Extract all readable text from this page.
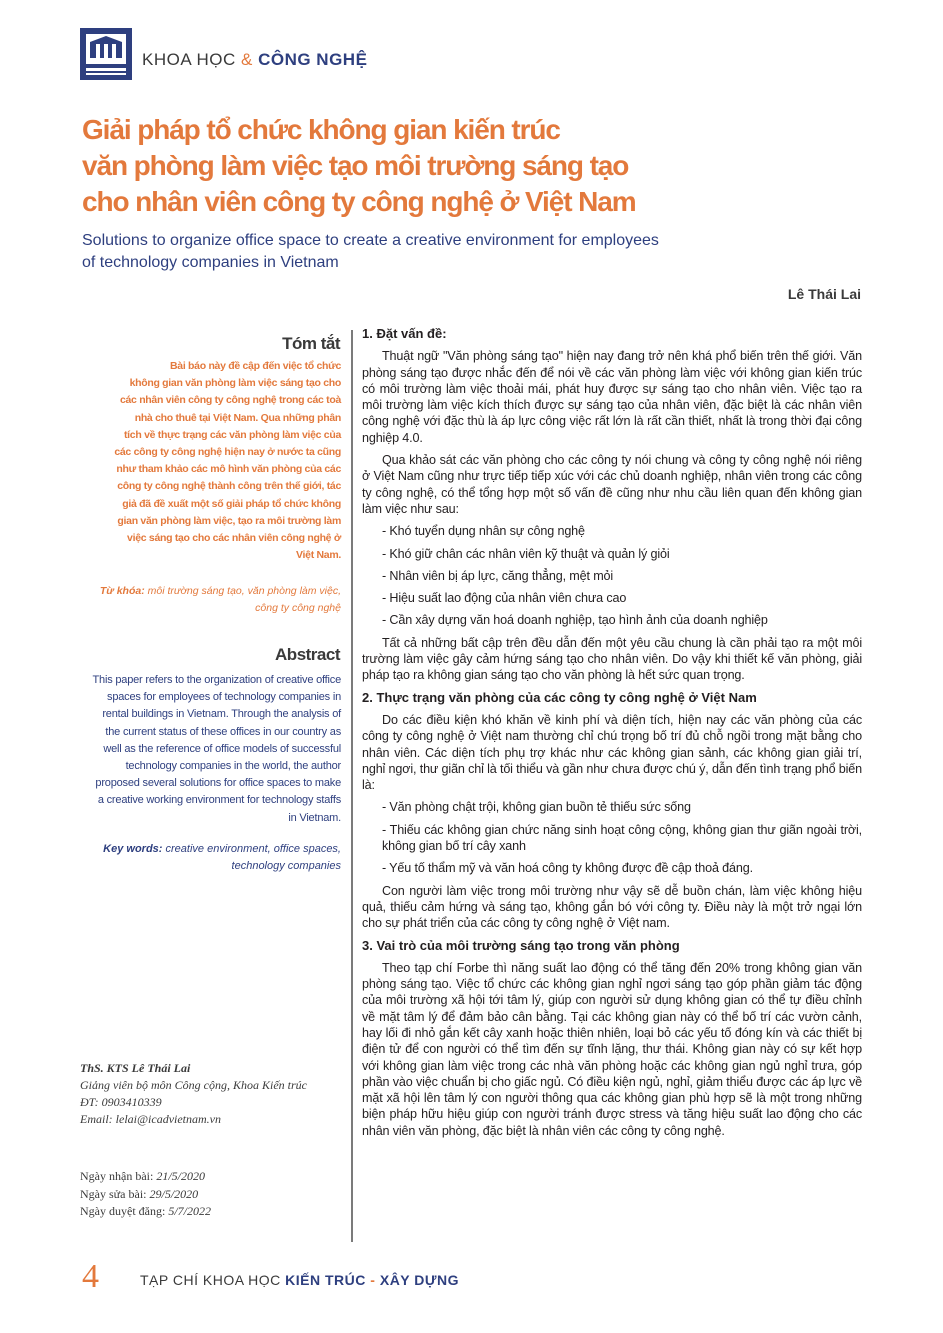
KHOA HỌC & CÔNG NGHỆ
Giải pháp tổ chức không gian kiến trúc
văn phòng làm việc tạo môi trường sáng tạo
cho nhân viên công ty công nghệ ở Việt Nam
Solutions to organize office space to create a creative environment for employees
of technology companies in Vietnam
Lê Thái Lai
Tóm tắt
Bài báo này đề cập đến việc tổ chức
không gian văn phòng làm việc sáng tạo cho
các nhân viên công ty công nghệ trong các toà
nhà cho thuê tại Việt Nam. Qua những phân
tích về thực trạng các văn phòng làm việc của
các công ty công nghệ hiện nay ở nước ta cũng
như tham khảo các mô hình văn phòng của các
công ty công nghệ thành công trên thế giới, tác
giả đã đề xuất một số giải pháp tổ chức không
gian văn phòng làm việc, tạo ra môi trường làm
việc sáng tạo cho các nhân viên công nghệ ở
Việt Nam.
Từ khóa: môi trường sáng tạo, văn phòng làm việc,
công ty công nghệ
Abstract
This paper refers to the organization of creative office
spaces for employees of technology companies in
rental buildings in Vietnam. Through the analysis of
the current status of these offices in our country as
well as the reference of office models of successful
technology companies in the world, the author
proposed several solutions for office spaces to make
a creative working environment for technology staffs
in Vietnam.
Key words: creative environment, office spaces,
technology companies
ThS. KTS Lê Thái Lai
Giảng viên bộ môn Công cộng, Khoa Kiến trúc
ĐT: 0903410339
Email: lelai@icadvietnam.vn
Ngày nhận bài: 21/5/2020
Ngày sửa bài: 29/5/2020
Ngày duyệt đăng: 5/7/2022
1. Đặt vấn đề:

Thuật ngữ "Văn phòng sáng tạo" hiện nay đang trở nên khá phổ biến trên thế giới. Văn phòng sáng tạo được nhắc đến để nói về các văn phòng làm việc với không gian kiến trúc có môi trường làm việc thoải mái, phát huy được sự sáng tạo cho nhân viên. Việc tạo ra môi trường làm việc kích thích được sự sáng tạo của nhân viên, đặc biệt là các nhân viên công nghệ với đặc thù là áp lực công việc rất lớn là rất cần thiết, nhất là trong thời đại công nghiệp 4.0.

Qua khảo sát các văn phòng cho các công ty nói chung và công ty công nghệ nói riêng ở Việt Nam cũng như trực tiếp tiếp xúc với các chủ doanh nghiệp, nhân viên trong các công ty công nghệ, có thể tổng hợp một số vấn đề cũng như nhu cầu liên quan đến không gian làm việc như sau:

- Khó tuyển dụng nhân sự công nghệ

- Khó giữ chân các nhân viên kỹ thuật và quản lý giỏi

- Nhân viên bị áp lực, căng thẳng, mệt mỏi

- Hiệu suất lao động của nhân viên chưa cao

- Cần xây dựng văn hoá doanh nghiệp, tạo hình ảnh của doanh nghiệp

Tất cả những bất cập trên đều dẫn đến một yêu cầu chung là cần phải tạo ra một môi trường làm việc gây cảm hứng sáng tạo cho nhân viên. Do vậy khi thiết kế văn phòng, giải pháp tạo ra không gian sáng tạo cho văn phòng là hết sức quan trọng.

2. Thực trạng văn phòng của các công ty công nghệ ở Việt Nam

Do các điều kiện khó khăn về kinh phí và diện tích, hiện nay các văn phòng của các công ty công nghệ ở Việt nam thường chỉ chú trọng bố trí đủ chỗ ngồi trong mặt bằng cho nhân viên. Các diện tích phụ trợ khác như các không gian sảnh, các không gian giải trí, nghỉ ngơi, thư giãn chỉ là tối thiểu và gần như chưa được chú ý, dẫn đến tình trạng phổ biến là:

- Văn phòng chật trội, không gian buồn tẻ thiếu sức sống

- Thiếu các không gian chức năng sinh hoạt công cộng, không gian thư giãn ngoài trời, không gian bố trí cây xanh

- Yếu tố thẩm mỹ và văn hoá công ty không được đề cập thoả đáng.

Con người làm việc trong môi trường như vậy sẽ dễ buồn chán, làm việc không hiệu quả, thiếu cảm hứng và sáng tạo, không gắn bó với công ty. Điều này là một trở ngại lớn cho sự phát triển của các công ty công nghệ ở Việt nam.

3. Vai trò của môi trường sáng tạo trong văn phòng

Theo tạp chí Forbe thì năng suất lao động có thể tăng đến 20% trong không gian văn phòng sáng tạo. Việc tổ chức các không gian nghỉ ngơi sáng tạo góp phần giảm tác động của môi trường xã hội tới tâm lý, giúp con người sử dụng không gian có thể tự điều chỉnh về mặt tâm lý để đảm bảo cân bằng. Tại các không gian này có thể bố trí các vườn cảnh, hay lối đi nhỏ gắn kết cây xanh hoặc thiên nhiên, loại bỏ các yếu tố đóng kín và các thiết bị điện tử để con người có thể tìm đến sự tĩnh lặng, thư thái. Không gian này có sự kết hợp với không gian làm việc trong các nhà văn phòng hoặc các không gian ngủ nghỉ trưa, góp phần vào việc chuẩn bị cho giấc ngủ. Có điều kiện ngủ, nghỉ, giảm thiểu được các áp lực về mặt xã hội lên tâm lý con người thông qua các không gian phù hợp sẽ là một trong những biện pháp hữu hiệu giúp con người tránh được stress và tăng hiệu suất lao động cho các nhân viên văn phòng, đặc biệt là nhân viên các công ty công nghệ.

4	TẠP CHÍ KHOA HỌC KIẾN TRÚC - XÂY DỰNG
